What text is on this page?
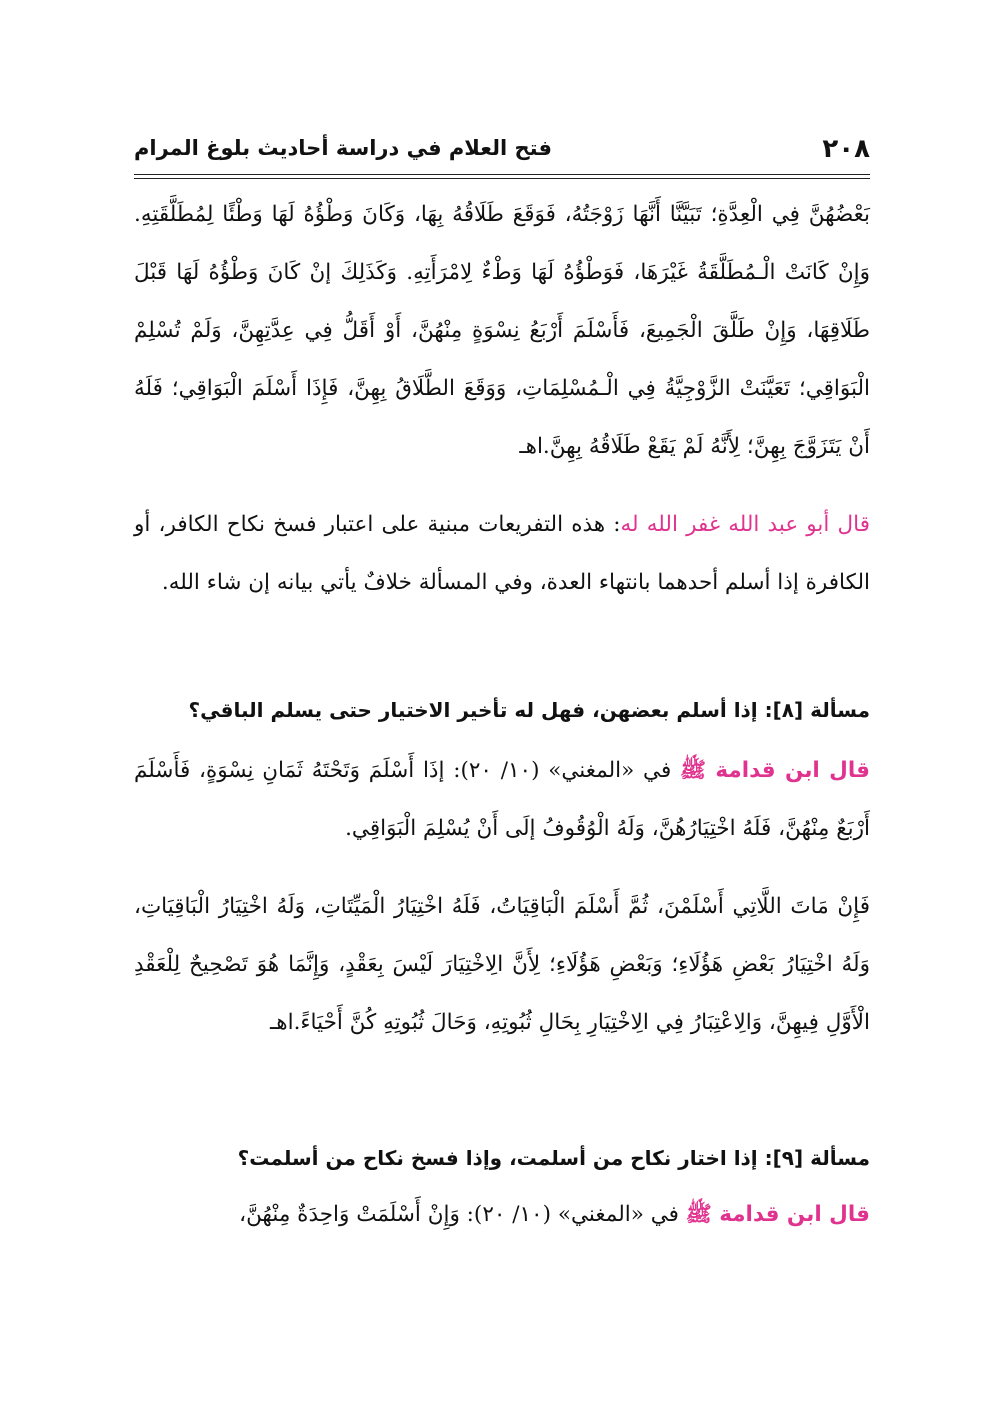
٢٠٨
فتح العلام في دراسة أحاديث بلوغ المرام

بَعْضُهُنَّ فِي الْعِدَّةِ؛ تَبَيَّنَّا أَنَّهَا زَوْجَتُهُ، فَوَقَعَ طَلَاقُهُ بِهَا، وَكَانَ وَطْؤُهُ لَهَا وَطْئًا لِمُطَلَّقَتِهِ. وَإِنْ كَانَتْ الْـمُطَلَّقَةُ غَيْرَهَا، فَوَطْؤُهُ لَهَا وَطْءٌ لِامْرَأَتِهِ. وَكَذَلِكَ إنْ كَانَ وَطْؤُهُ لَهَا قَبْلَ طَلَاقِهَا، وَإِنْ طَلَّقَ الْجَمِيعَ، فَأَسْلَمَ أَرْبَعُ نِسْوَةٍ مِنْهُنَّ، أَوْ أَقَلُّ فِي عِدَّتِهِنَّ، وَلَمْ تُسْلِمْ الْبَوَاقِي؛ تَعَيَّنَتْ الزَّوْجِيَّةُ فِي الْـمُسْلِمَاتِ، وَوَقَعَ الطَّلَاقُ بِهِنَّ، فَإِذَا أَسْلَمَ الْبَوَاقِي؛ فَلَهُ أَنْ يَتَزَوَّجَ بِهِنَّ؛ لِأَنَّهُ لَمْ يَقَعْ طَلَاقُهُ بِهِنَّ.اهـ

قال أبو عبد الله غفر الله له: هذه التفريعات مبنية على اعتبار فسخ نكاح الكافر، أو الكافرة إذا أسلم أحدهما بانتهاء العدة، وفي المسألة خلافٌ يأتي بيانه إن شاء الله.

مسألة [٨]: إذا أسلم بعضهن، فهل له تأخير الاختيار حتى يسلم الباقي؟

قال ابن قدامة ﷺ في «المغني» (١٠/ ٢٠): إذَا أَسْلَمَ وَتَحْتَهُ ثَمَانِ نِسْوَةٍ، فَأَسْلَمَ أَرْبَعٌ مِنْهُنَّ، فَلَهُ اخْتِيَارُهُنَّ، وَلَهُ الْوُقُوفُ إلَى أَنْ يُسْلِمَ الْبَوَاقِي.

فَإِنْ مَاتَ اللَّاتِي أَسْلَمْنَ، ثُمَّ أَسْلَمَ الْبَاقِيَاتُ، فَلَهُ اخْتِيَارُ الْمَيِّتَاتِ، وَلَهُ اخْتِيَارُ الْبَاقِيَاتِ، وَلَهُ اخْتِيَارُ بَعْضِ هَؤُلَاءِ؛ وَبَعْضِ هَؤُلَاءِ؛ لِأَنَّ الِاخْتِيَارَ لَيْسَ بِعَقْدٍ، وَإِنَّمَا هُوَ تَصْحِيحٌ لِلْعَقْدِ الْأَوَّلِ فِيهِنَّ، وَالِاعْتِبَارُ فِي الِاخْتِيَارِ بِحَالِ ثُبُوتِهِ، وَحَالَ ثُبُوتِهِ كُنَّ أَحْيَاءً.اهـ

مسألة [٩]: إذا اختار نكاح من أسلمت، وإذا فسخ نكاح من أسلمت؟

قال ابن قدامة ﷺ في «المغني» (١٠/ ٢٠): وَإِنْ أَسْلَمَتْ وَاحِدَةٌ مِنْهُنَّ،
